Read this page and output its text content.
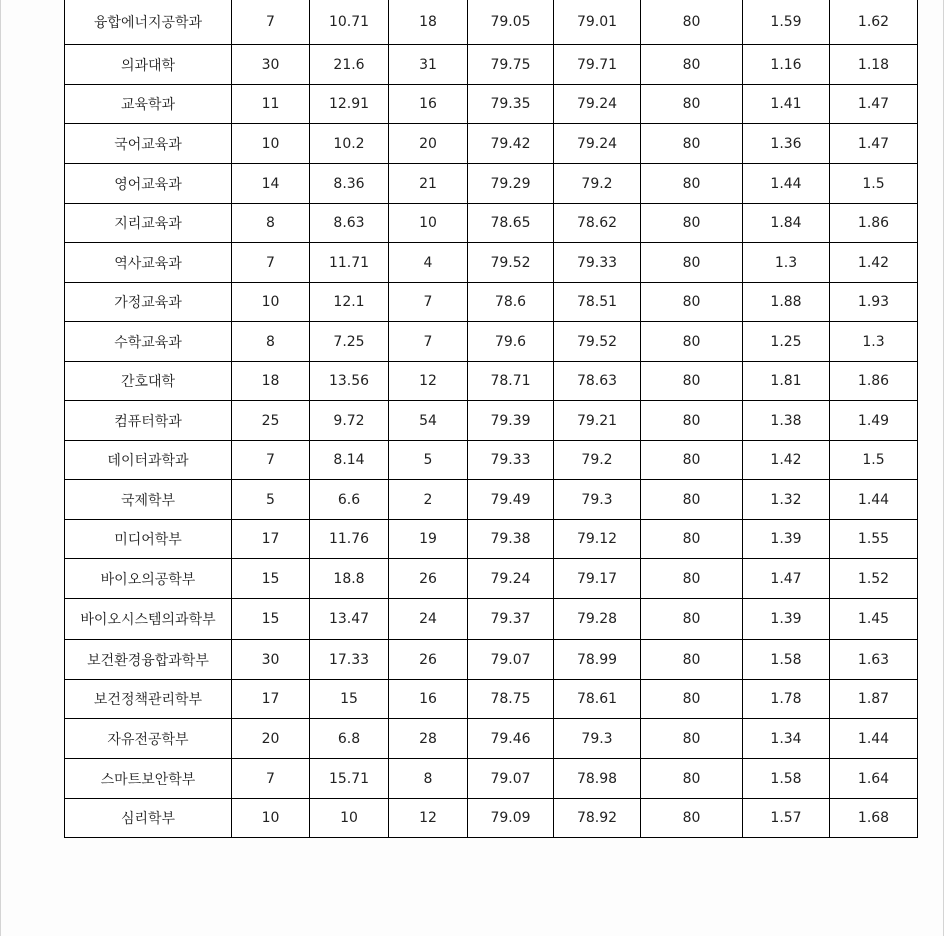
융합에너지공학과	7	10.71	18	79.05	79.01	80	1.59	1.62
의과대학	30	21.6	31	79.75	79.71	80	1.16	1.18
교육학과	11	12.91	16	79.35	79.24	80	1.41	1.47
국어교육과	10	10.2	20	79.42	79.24	80	1.36	1.47
영어교육과	14	8.36	21	79.29	79.2	80	1.44	1.5
지리교육과	8	8.63	10	78.65	78.62	80	1.84	1.86
역사교육과	7	11.71	4	79.52	79.33	80	1.3	1.42
가정교육과	10	12.1	7	78.6	78.51	80	1.88	1.93
수학교육과	8	7.25	7	79.6	79.52	80	1.25	1.3
간호대학	18	13.56	12	78.71	78.63	80	1.81	1.86
컴퓨터학과	25	9.72	54	79.39	79.21	80	1.38	1.49
데이터과학과	7	8.14	5	79.33	79.2	80	1.42	1.5
국제학부	5	6.6	2	79.49	79.3	80	1.32	1.44
미디어학부	17	11.76	19	79.38	79.12	80	1.39	1.55
바이오의공학부	15	18.8	26	79.24	79.17	80	1.47	1.52
바이오시스템의과학부	15	13.47	24	79.37	79.28	80	1.39	1.45
보건환경융합과학부	30	17.33	26	79.07	78.99	80	1.58	1.63
보건정책관리학부	17	15	16	78.75	78.61	80	1.78	1.87
자유전공학부	20	6.8	28	79.46	79.3	80	1.34	1.44
스마트보안학부	7	15.71	8	79.07	78.98	80	1.58	1.64
심리학부	10	10	12	79.09	78.92	80	1.57	1.68
